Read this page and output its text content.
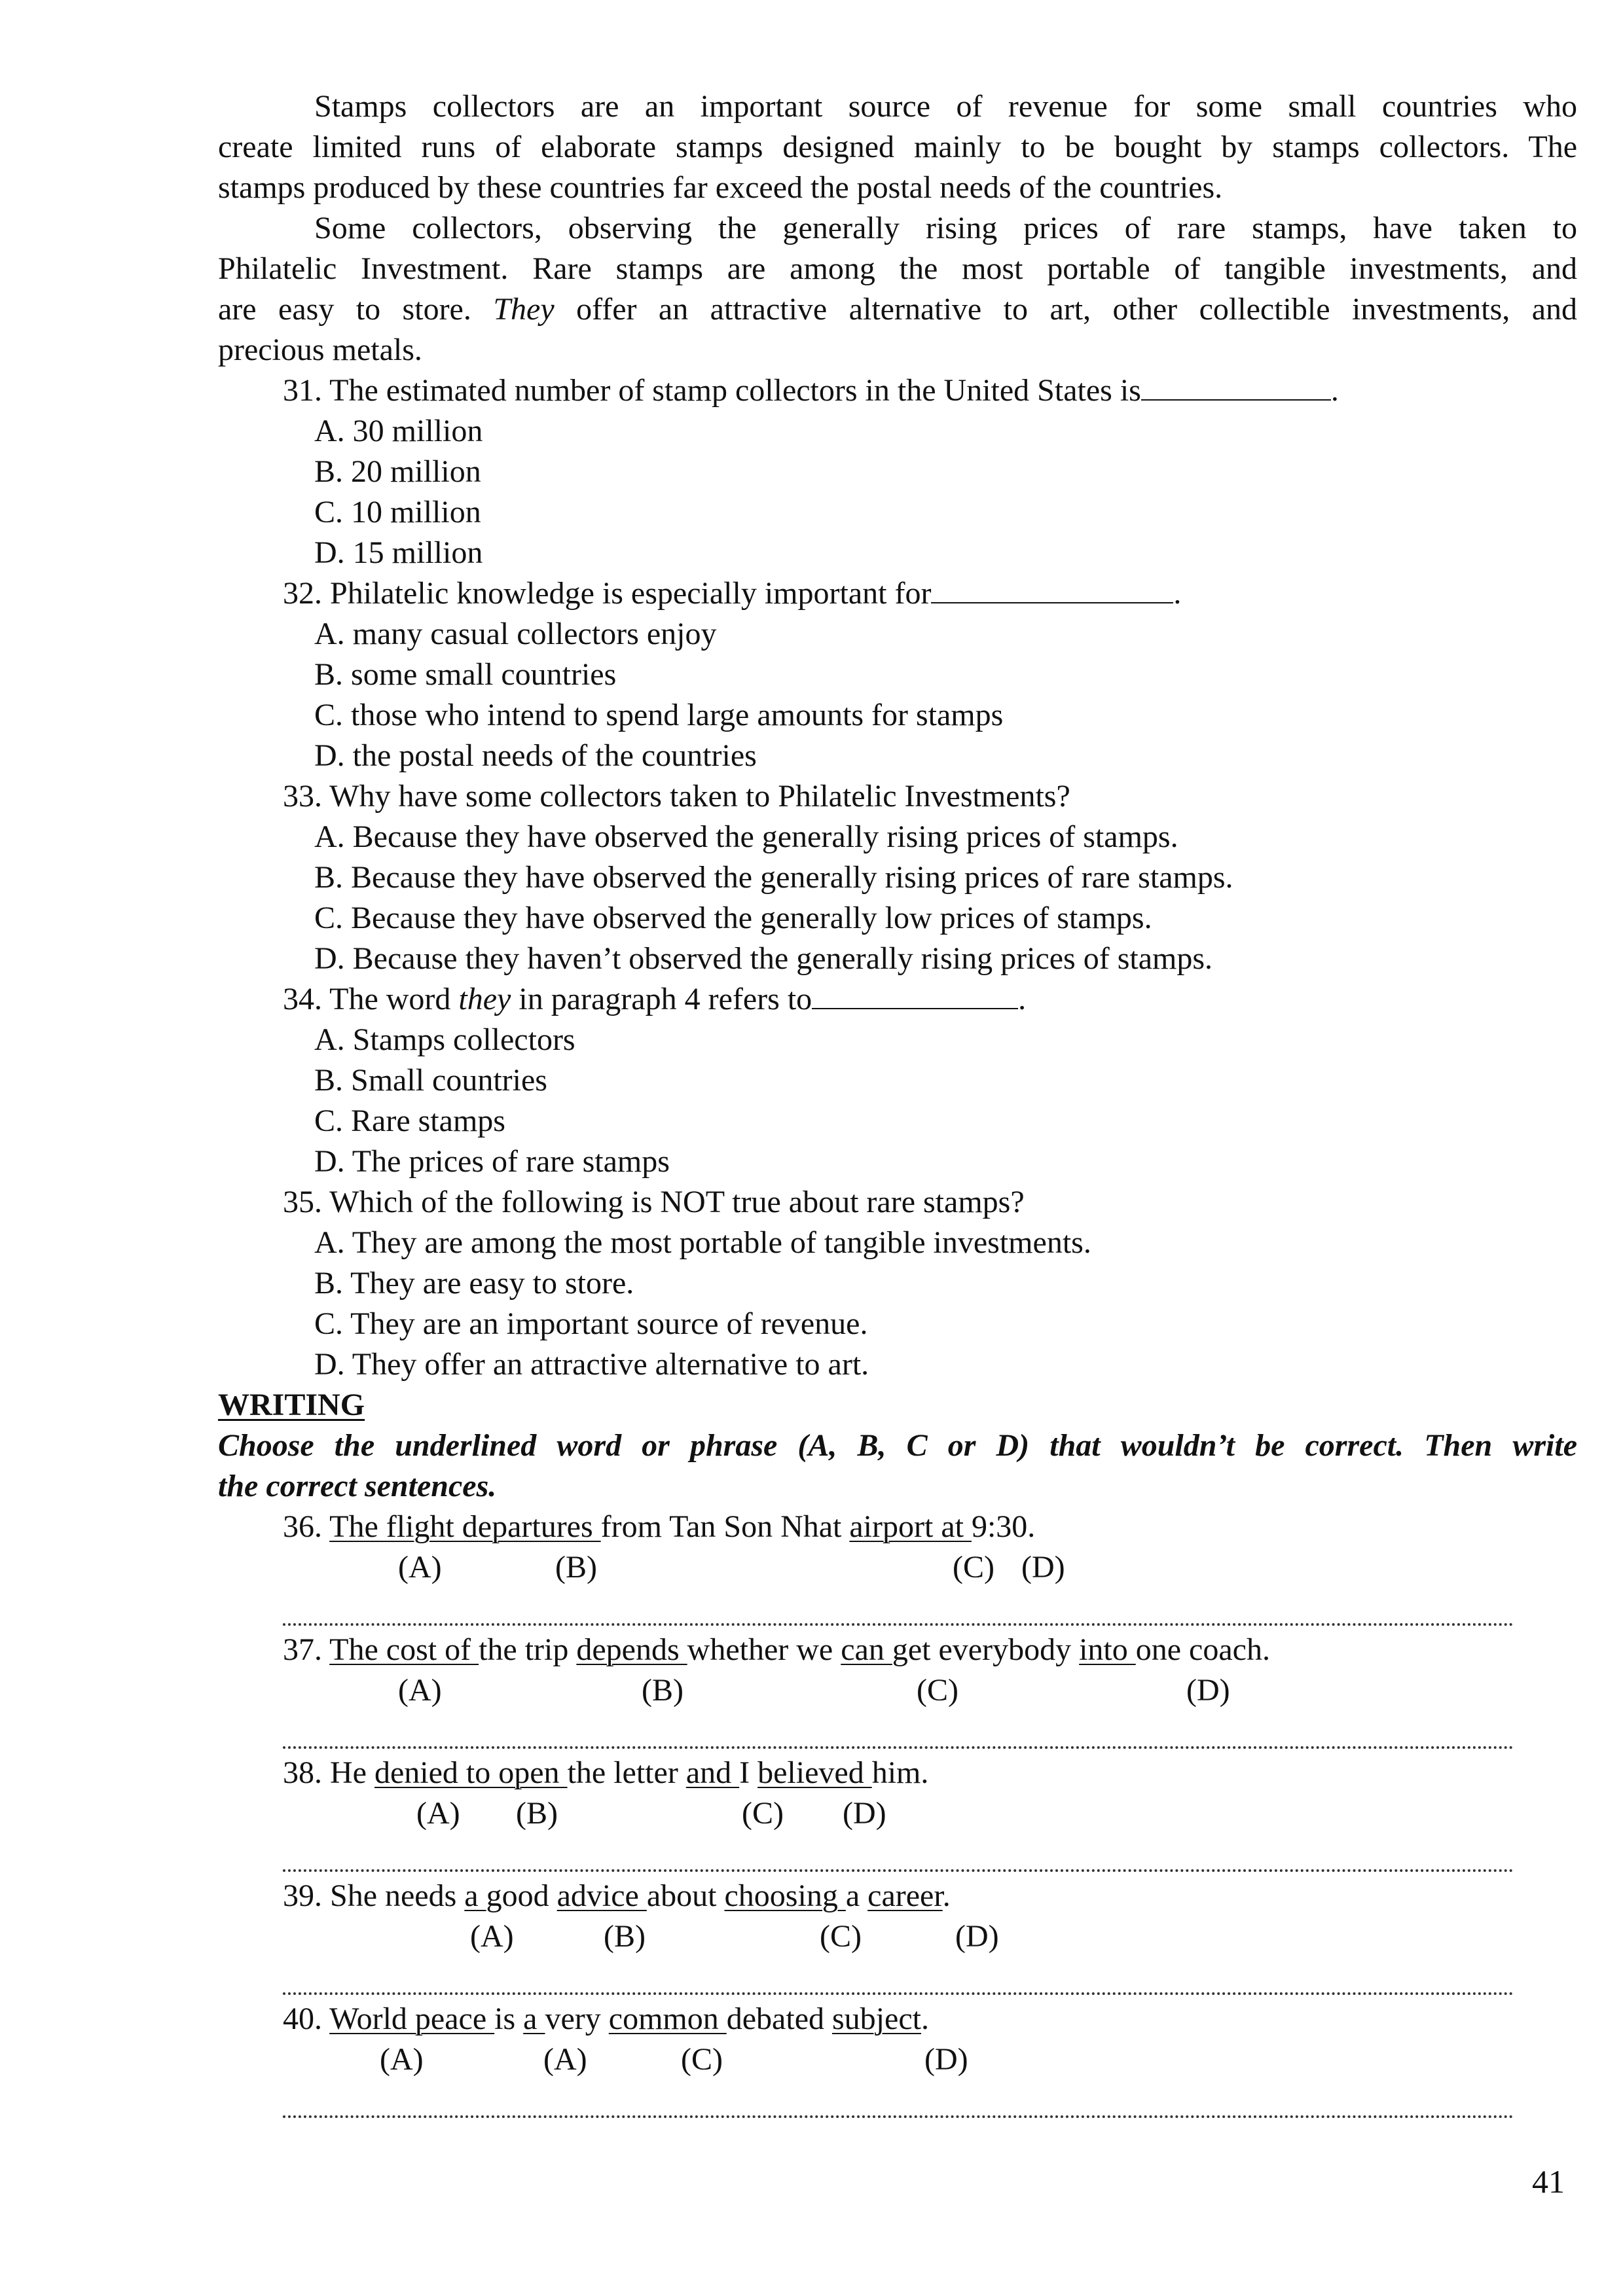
Stamps collectors are an important source of revenue for some small countries who
create limited runs of elaborate stamps designed mainly to be bought by stamps collectors. The
stamps produced by these countries far exceed the postal needs of the countries.
Some collectors, observing the generally rising prices of rare stamps, have taken to
Philatelic Investment. Rare stamps are among the most portable of tangible investments, and
are easy to store. They offer an attractive alternative to art, other collectible investments, and
precious metals.
31. The estimated number of stamp collectors in the United States is	.
A. 30 million
B. 20 million
C. 10 million
D. 15 million
32. Philatelic knowledge is especially important for	.
A. many casual collectors enjoy
B. some small countries
C. those who intend to spend large amounts for stamps
D. the postal needs of the countries
33. Why have some collectors taken to Philatelic Investments?
A. Because they have observed the generally rising prices of stamps.
B. Because they have observed the generally rising prices of rare stamps.
C. Because they have observed the generally low prices of stamps.
D. Because they haven’t observed the generally rising prices of stamps.
34. The word they in paragraph 4 refers to	.
A. Stamps collectors
B. Small countries
C. Rare stamps
D. The prices of rare stamps
35. Which of the following is NOT true about rare stamps?
A. They are among the most portable of tangible investments.
B. They are easy to store.
C. They are an important source of revenue.
D. They offer an attractive alternative to art.
WRITING
Choose the underlined word or phrase (A, B, C or D) that wouldn’t be correct. Then write
the correct sentences.
36. The flight departures from Tan Son Nhat airport at 9:30.
(A)	(B)	(C) (D)
37. The cost of the trip depends whether we can get everybody into one coach.
(A)	(B)	(C)	(D)
38. He denied to open the letter and I believed him.
(A) (B)	(C) (D)
39. She needs a good advice about choosing a career.
(A)	(B)	(C)	(D)
40. World peace is a very common debated subject.
(A)	(A)	(C)	(D)
41
